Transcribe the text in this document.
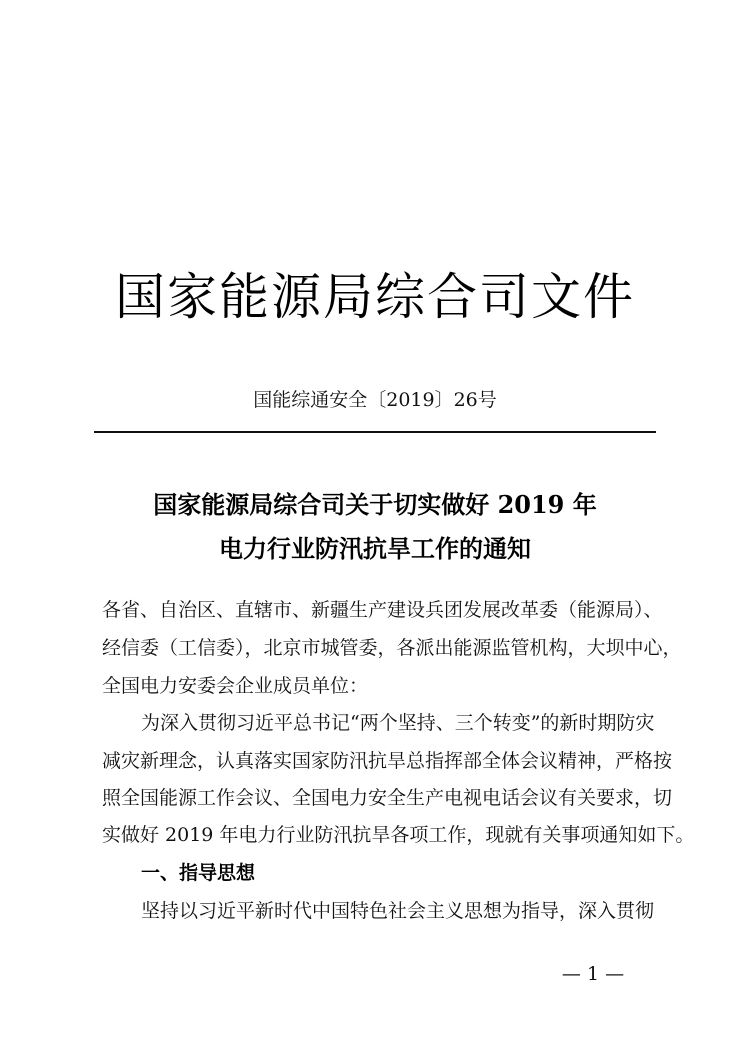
国家能源局综合司文件
国能综通安全〔2019〕26号
国家能源局综合司关于切实做好 2019 年
电力行业防汛抗旱工作的通知
各省、自治区、直辖市、新疆生产建设兵团发展改革委（能源局）、
经信委（工信委），北京市城管委，各派出能源监管机构，大坝中心，
全国电力安委会企业成员单位：
为深入贯彻习近平总书记“两个坚持、三个转变”的新时期防灾
减灾新理念，认真落实国家防汛抗旱总指挥部全体会议精神，严格按
照全国能源工作会议、全国电力安全生产电视电话会议有关要求，切
实做好 2019 年电力行业防汛抗旱各项工作，现就有关事项通知如下。
一、指导思想
坚持以习近平新时代中国特色社会主义思想为指导，深入贯彻
— 1 —
